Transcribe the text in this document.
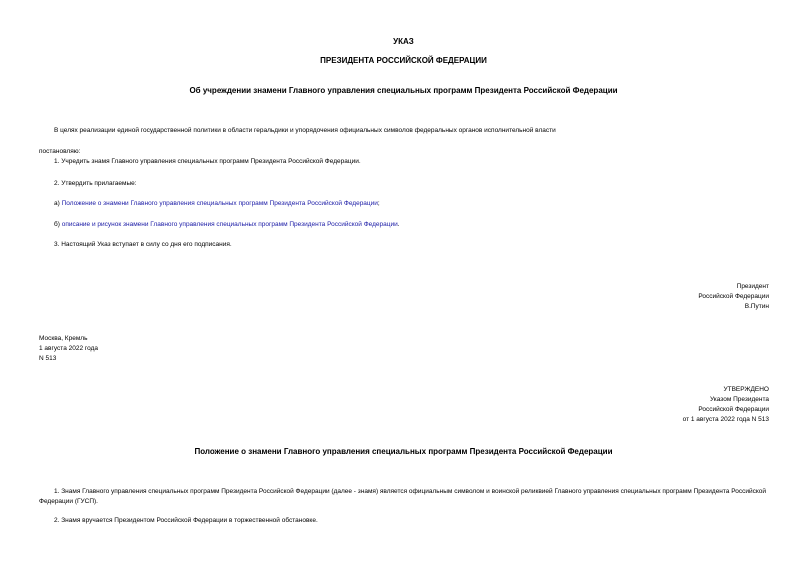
УКАЗ
ПРЕЗИДЕНТА РОССИЙСКОЙ ФЕДЕРАЦИИ
Об учреждении знамени Главного управления специальных программ Президента Российской Федерации
В целях реализации единой государственной политики в области геральдики и упорядочения официальных символов федеральных органов исполнительной власти
постановляю:
1. Учредить знамя Главного управления специальных программ Президента Российской Федерации.
2. Утвердить прилагаемые:
а) Положение о знамени Главного управления специальных программ Президента Российской Федерации;
б) описание и рисунок знамени Главного управления специальных программ Президента Российской Федерации.
3. Настоящий Указ вступает в силу со дня его подписания.
Президент
Российской Федерации
В.Путин
Москва, Кремль
1 августа 2022 года
N 513
УТВЕРЖДЕНО
Указом Президента
Российской Федерации
от 1 августа 2022 года N 513
Положение о знамени Главного управления специальных программ Президента Российской Федерации
1. Знамя Главного управления специальных программ Президента Российской Федерации (далее - знамя) является официальным символом и воинской реликвией Главного управления специальных программ Президента Российской Федерации (ГУСП).
2. Знамя вручается Президентом Российской Федерации в торжественной обстановке.
